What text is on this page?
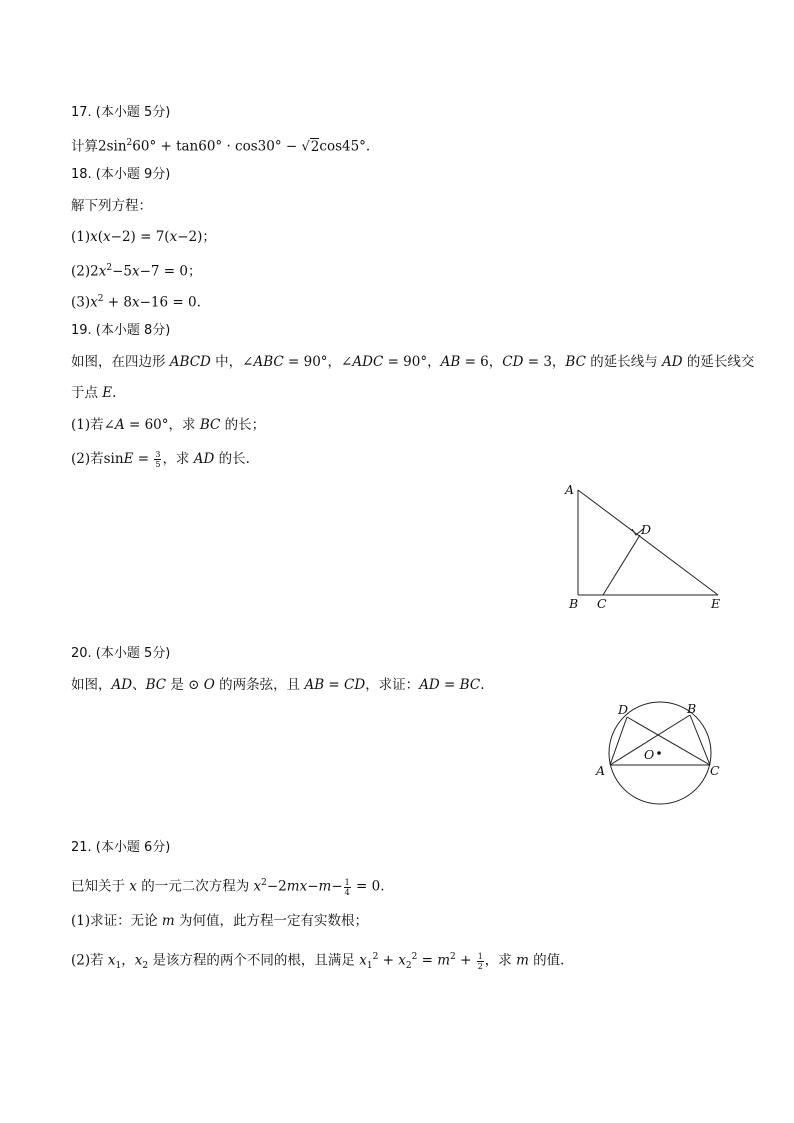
17. (本小题 5分)
计算$2\sin^260^\circ + \tan 60^\circ \cdot \cos 30^\circ - √2\cos 45^\circ$.
18. (本小题 9分)
解下列方程：
(1)x(x−2) = 7(x−2)；
$(2)2x^2-5x-7 = 0$；
$(3)x^2 + 8x-16 = 0$.
19. (本小题 8分)
如图，在四边形 ABCD 中，∠ABC = 90°，∠ADC = 90°，AB = 6，CD = 3，BC 的延长线与 AD 的延长线交
于点 E.
(1)若∠A = 60°，求 BC 的长；
(2)若$\sin E = \frac{3}{5}$ ，求 AD 的长.
A
B C
D
E
20. (本小题 5分)
如图，AD、BC 是 ⊙ O 的两条弦，且 AB = CD，求证：AD = BC.
D	B
O
A	C
21. (本小题 6分)
已知关于 x 的一元二次方程为 $x^2-2mx-m- \frac{1}{4} = 0$.
(1)求证：无论 m 为何值，此方程一定有实数根；
(2)若 $x_1$，$x_2$ 是该方程的两个不同的根，且满足 $x_1^2 + x_2^2 = m^2 + \frac{1}{2}$ ，求 m 的值.
